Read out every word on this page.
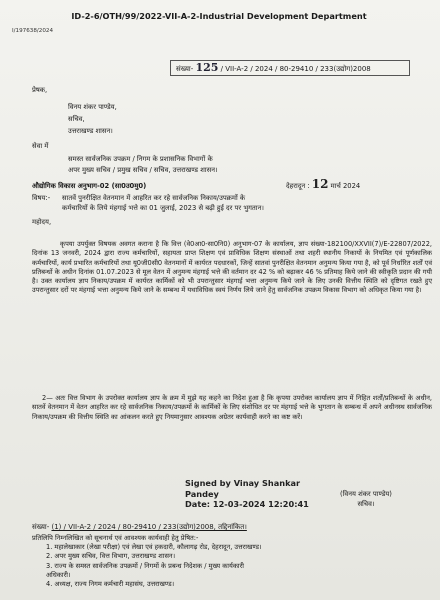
ID-2-6/OTH/99/2022-VII-A-2-Industrial Development Department
I/197638/2024
संख्या- 125 / VII-A-2 / 2024 / 80-29410 / 233(उद्योग)2008
प्रेषक,
विनय शंकर पाण्डेय,
सचिव,
उत्तराखण्ड शासन।
सेवा में
समस्त सार्वजनिक उपक्रम / निगम के प्रशासनिक विभागों के
अपर मुख्य सचिव / प्रमुख सचिव / सचिव, उत्तराखण्ड शासन।
औद्योगिक विकास अनुभाग-02 (सा0उ0मु0)	देहरादून : 12 मार्च 2024
विषय:- सातवें पुनरीक्षित वेतनमान में आहरित कर रहे सार्वजनिक निकाय/उपक्रमों के
कर्मचारियों के लिये मंहगाई भत्ते का 01 जुलाई, 2023 से बढ़ी हुई दर पर भुगतान।
महोदय,

कृपया उपर्युक्त विषयक अवगत कराना है कि वित्त (वे0आ0-सा0नि0) अनुभाग-07 के कार्यालय, ज्ञाप संख्या-182100/XXVII(7)/E-22807/2022, दिनांक 13 जनवरी, 2024 द्वारा राज्य कर्मचारियों, सहायता प्राप्त शिक्षण एवं प्राविधिक शिक्षण संस्थाओं तथा शहरी स्थानीय निकायों के नियमित एवं पूर्णकालिक कर्मचारियों, कार्य प्रभारित कर्मचारियों तथा यू0जी0सी0 वेतनमानों में कार्यरत पदधारकों, जिन्हें सातवां पुनरीक्षित वेतनमान अनुमन्य किया गया है, को पूर्व निर्धारित शर्तों एवं प्रतिबन्धों के अधीन दिनांक 01.07.2023 से मूल वेतन में अनुमन्य मंहगाई भत्ते की वर्तमान दर 42 % को बढ़ाकर 46 % प्रतिमाह किये जाने की स्वीकृति प्रदान की गयी है। उक्त कार्यालय ज्ञाप निकाय/उपक्रम में कार्यरत कार्मिकों को भी उपरान्तुसार मंहगाई भत्ता अनुमन्य किये जाने के लिए उनकी वित्तीय स्थिति को दृष्टिगत रखते हुए उपरान्तुसार दरों पर मंहगाई भत्ता अनुमन्य किये जाने के सम्बन्ध में यथाविधिक स्वयं निर्णय लिये जाने हेतु सार्वजनिक उपक्रम विकास विभाग को अधिकृत किया गया है।

2— अतः वित्त विभाग के उपरोक्त कार्यालय ज्ञाप के क्रम में मुझे यह कहने का निदेश हुआ है कि कृपया उपरोक्त कार्यालय ज्ञाप में निहित शर्तों/प्रतिबन्धों के अधीन, सातवें वेतनमान में वेतन आहरित कर रहे सार्वजनिक निकाय/उपक्रमों के कार्मिकों के लिए संशोधित दर पर मंहगाई भत्ते के भुगतान के सम्बन्ध में अपने अधीनस्थ सार्वजनिक निकाय/उपक्रम की वित्तीय स्थिति का आंकलन करते हुए नियमानुसार आवश्यक अग्रेतर कार्यवाही करने का कष्ट करें।

Signed by Vinay Shankar
Pandey
Date: 12-03-2024 12:20:41
(विनय शंकर पाण्डेय)
सचिव।
संख्या- (1) / VII-A-2 / 2024 / 80-29410 / 233(उद्योग)2008, तद्दिनांकित।
प्रतिलिपि निम्नलिखित को सूचनार्थ एवं आवश्यक कार्यवाही हेतु प्रेषित:-
1. महालेखाकार (लेखा परीक्षा) एवं लेखा एवं हकदारी, कौलागढ़ रोड, देहरादून, उत्तराखण्ड।
2. अपर मुख्य सचिव, वित्त विभाग, उत्तराखण्ड शासन।
3. राज्य के समस्त सार्वजनिक उपक्रमों / निगमों के प्रबन्ध निदेशक / मुख्य कार्यकारी
अधिकारी।
4. अध्यक्ष, राज्य निगम कर्मचारी महासंघ, उत्तराखण्ड।
